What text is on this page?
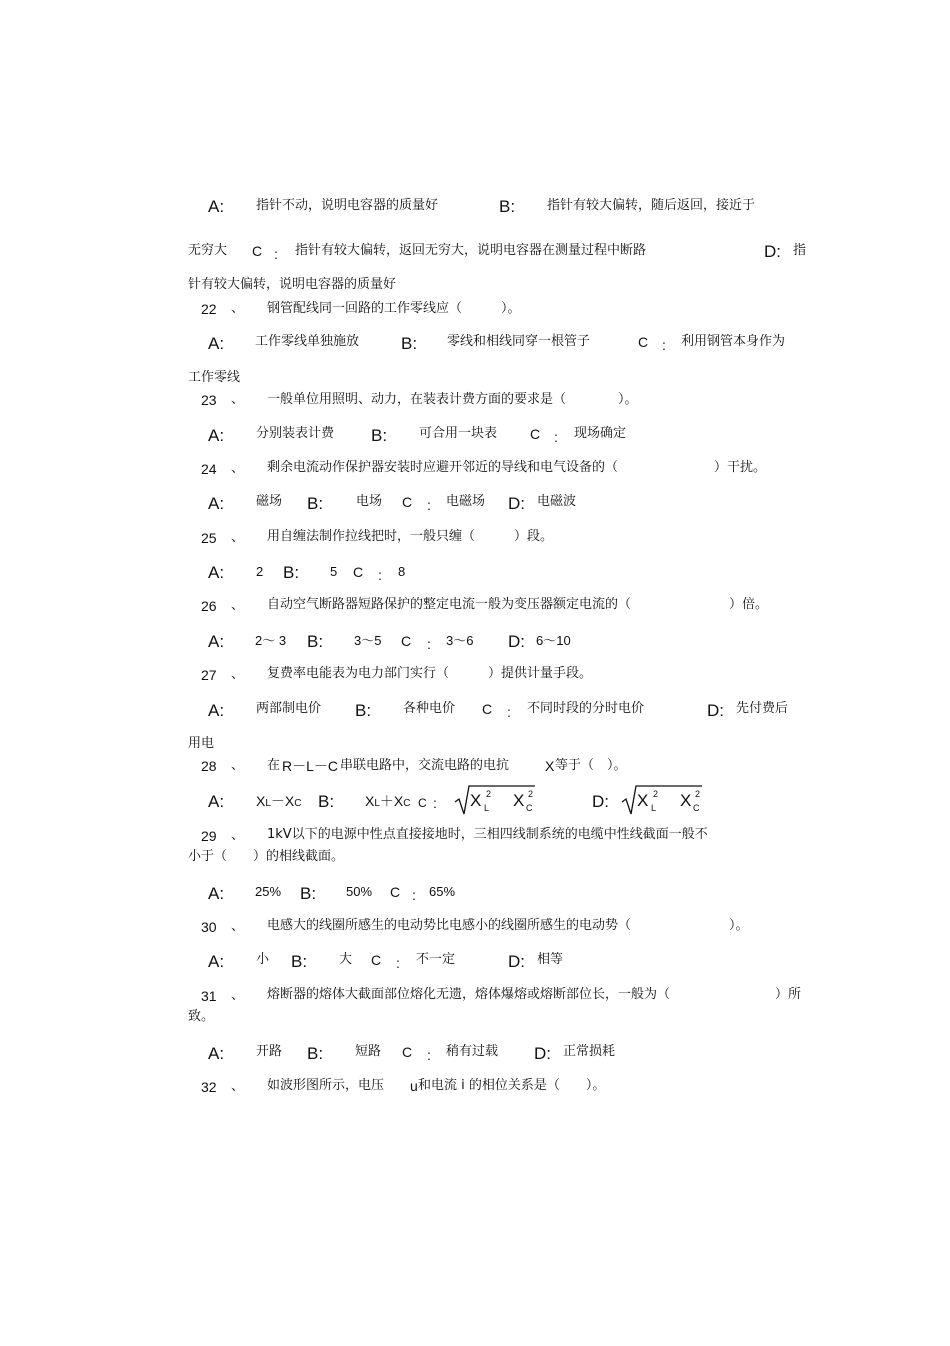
A: 指针不动，说明电容器的质量好	B: 指针有较大偏转，随后返回，接近于
无穷大 C : 指针有较大偏转，返回无穷大，说明电容器在测量过程中断路	D: 指
针有较大偏转，说明电容器的质量好
22 、 钢管配线同一回路的工作零线应（　　　）。
A: 工作零线单独施放 B: 零线和相线同穿一根管子	C : 利用钢管本身作为
工作零线
23 、 一般单位用照明、动力，在装表计费方面的要求是（　　　　）。
A: 分别装表计费 B: 可合用一块表 C : 现场确定
24 、 剩余电流动作保护器安装时应避开邻近的导线和电气设备的（	）干扰。
A: 磁场 B:	电场 C : 电磁场 D: 电磁波
25 、 用自缠法制作拉线把时，一般只缠（　　　）段。
A: 2 B: 5 C : 8
26 、 自动空气断路器短路保护的整定电流一般为变压器额定电流的（	）倍。
A: 2～ 3 B: 3～5 C : 3～6 D: 6～10
27 、 复费率电能表为电力部门实行（　　　）提供计量手段。
A: 两部制电价 B: 各种电价 C : 不同时段的分时电价	D: 先付费后
用电
28 、 在 R－L－C 串联电路中，交流电路的电抗	X 等于（　）。
A: XL－XC B: XL＋XC C : X L
2 X C
2	D: X L
2 X C
2
29 、 1kV以下的电源中性点直接接地时，三相四线制系统的电缆中性线截面一般不
小于（　　）的相线截面。
A: 25% B: 50% C : 65%
30 、 电感大的线圈所感生的电动势比电感小的线圈所感生的电动势（	）。
A: 小 B: 大 C : 不一定	D: 相等
31 、 熔断器的熔体大截面部位熔化无遗，熔体爆熔或熔断部位长，一般为（	）所
致。
A: 开路 B: 短路 C : 稍有过载 D: 正常损耗
32 、 如波形图所示，电压 u 和电流 i 的相位关系是（　　）。
